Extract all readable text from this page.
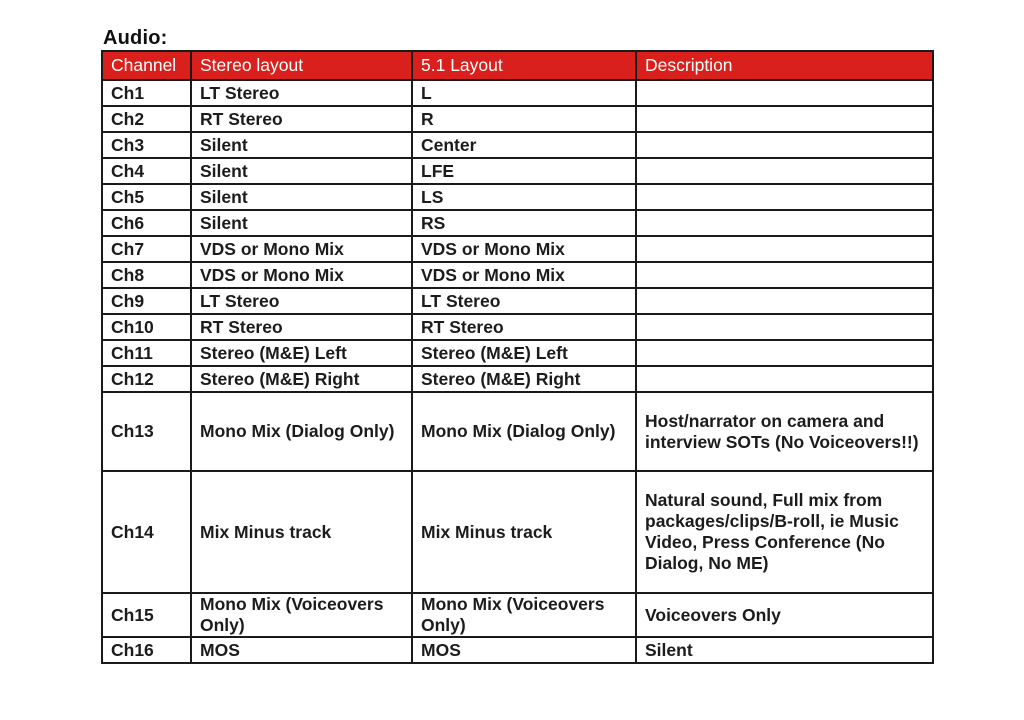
Audio:
Channel	Stereo layout	5.1 Layout	Description
Ch1	LT Stereo	L	
Ch2	RT Stereo	R	
Ch3	Silent	Center	
Ch4	Silent	LFE	
Ch5	Silent	LS	
Ch6	Silent	RS	
Ch7	VDS or Mono Mix	VDS or Mono Mix	
Ch8	VDS or Mono Mix	VDS or Mono Mix	
Ch9	LT Stereo	LT Stereo	
Ch10	RT Stereo	RT Stereo	
Ch11	Stereo (M&E) Left	Stereo (M&E) Left	
Ch12	Stereo (M&E) Right	Stereo (M&E) Right	
Ch13	Mono Mix (Dialog Only)	Mono Mix (Dialog Only)	Host/narrator on camera and interview SOTs (No Voiceovers!!)
Ch14	Mix Minus track	Mix Minus track	Natural sound, Full mix from packages/clips/B-roll, ie Music Video, Press Conference (No Dialog, No ME)
Ch15	Mono Mix (Voiceovers Only)	Mono Mix (Voiceovers Only)	Voiceovers Only
Ch16	MOS	MOS	Silent
